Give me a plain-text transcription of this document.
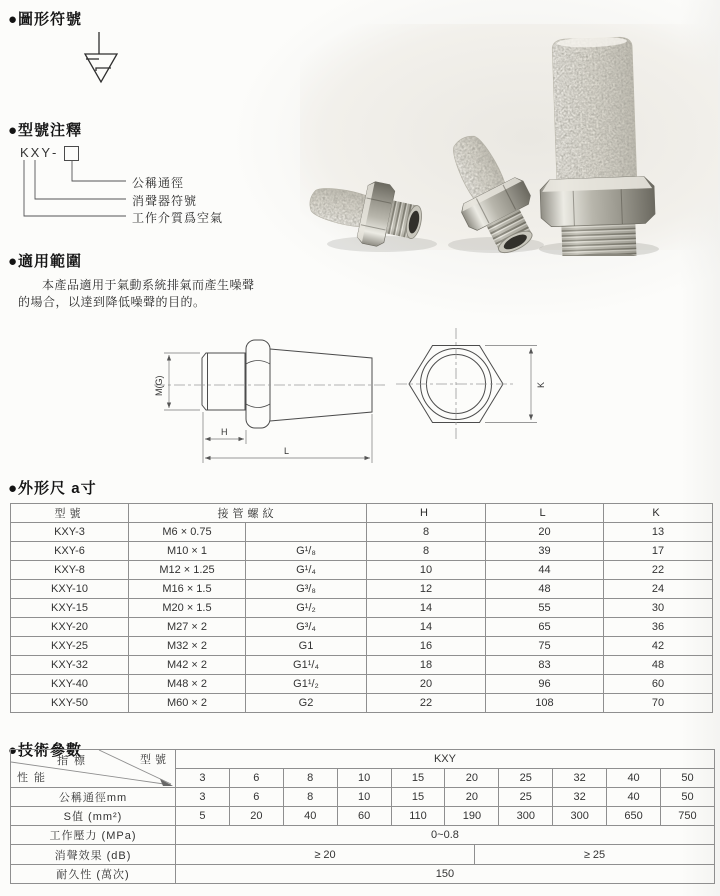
●圖形符號
●型號注釋
KXY -
公稱通徑
消聲器符號
工作介質爲空氣
●適用範圍

本產品適用于氣動系統排氣而產生噪聲
的場合，以達到降低噪聲的目的。

M(G)
H
L
K
●外形尺 a寸
型號	接管螺紋		H	L	K
KXY-3	M6 × 0.75		8	20	13
KXY-6	M10 × 1	G¹/₈	8	39	17
KXY-8	M12 × 1.25	G¹/₄	10	44	22
KXY-10	M16 × 1.5	G³/₈	12	48	24
KXY-15	M20 × 1.5	G¹/₂	14	55	30
KXY-20	M27 × 2	G³/₄	14	65	36
KXY-25	M32 × 2	G1	16	75	42
KXY-32	M42 × 2	G1¹/₄	18	83	48
KXY-40	M48 × 2	G1¹/₂	20	96	60
KXY-50	M60 × 2	G2	22	108	70
●技術參數
指標 型號
性能	KXY									
	3	6	8	10	15	20	25	32	40	50
公稱通徑mm	3	6	8	10	15	20	25	32	40	50
S值 (mm²)	5	20	40	60	110	190	300	300	650	750
工作壓力 (MPa)	0~0.8									
消聲效果 (dB)	≥ 20 ≥ 25									

耐久性 (萬次)	150									
